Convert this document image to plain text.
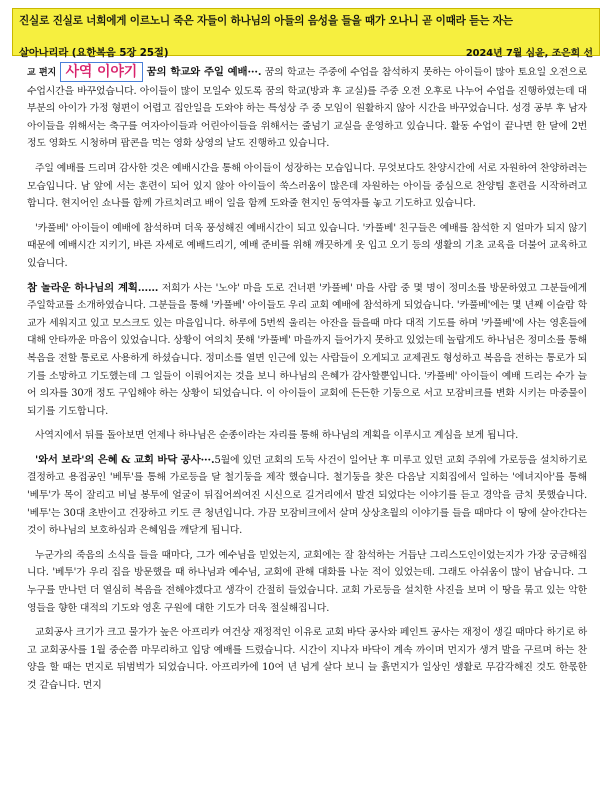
진실로 진실로 너희에게 이르노니 죽은 자들이 하나님의 아들의 음성을 들을 때가 오나니 곧 이때라 듣는 자는
살아나리라 (요한복음 5장 25절)	2024년 7월 심윤, 조은희 선

교 편지 사역 이야기 꿈의 학교와 주일 예배···. 꿈의 학교는 주중에 수업을 참석하지 못하는 아이들이 많아 토요일 오전으로 수업시간을 바꾸었습니다. 아이들이 많이 모일수 있도록 꿈의 학교(방과 후 교실)를 주중 오전 오후로 나누어 수업을 진행하였는데 대부분의 아이가 가정 형편이 어렵고 집안일을 도와야 하는 특성상 주 중 모임이 원활하지 않아 시간을 바꾸었습니다. 성경 공부 후 남자아이들을 위해서는 축구를 여자아이들과 어린아이들을 위해서는 줄넘기 교실을 운영하고 있습니다. 활동 수업이 끝나면 한 달에 2번 정도 영화도 시청하며 팝콘을 먹는 영화 상영의 날도 진행하고 있습니다.

주일 예배를 드리며 감사한 것은 예배시간을 통해 아이들이 성장하는 모습입니다. 무엇보다도 찬양시간에 서로 자원하여 찬양하려는 모습입니다. 남 앞에 서는 훈련이 되어 있지 않아 아이들이 쑥스러움이 많은데 자원하는 아이들 중심으로 찬양팀 훈련을 시작하려고 합니다. 현지어인 쇼나를 함께 가르치려고 배이 일을 함께 도와줄 현지인 동역자를 놓고 기도하고 있습니다.

'카풀베' 아이들이 예배에 참석하며 더욱 풍성해진 예배시간이 되고 있습니다. '카풀베' 친구들은 예배를 참석한 지 얼마가 되지 않기 때문에 예배시간 지키기, 바른 자세로 예배드리기, 예배 준비를 위해 깨끗하게 옷 입고 오기 등의 생활의 기초 교육을 더불어 교육하고 있습니다.

참 놀라운 하나님의 계획…… 저희가 사는 '노야' 마을 도로 건너편 '카풀베' 마을 사람 중 몇 명이 정미소를 방문하였고 그분들에게 주일학교를 소개하였습니다. 그분들을 통해 '카풀베' 아이들도 우리 교회 예배에 참석하게 되었습니다. '카풀베'에는 몇 년째 이슬람 학교가 세워지고 있고 모스크도 있는 마을입니다. 하루에 5번씩 울리는 아잔을 들을때 마다 대적 기도를 하며 '카풀베'에 사는 영혼들에 대해 안타까운 마음이 있었습니다. 상황이 여의치 못해 '카풀베' 마을까지 들어가지 못하고 있었는데 놀랍게도 하나님은 정미소를 통해 복음을 전할 통로로 사용하게 하셨습니다. 정미소를 열면 인근에 있는 사람들이 오게되고 교제권도 형성하고 복음을 전하는 통로가 되기를 소망하고 기도했는데 그 일들이 이뤄어지는 것을 보니 하나님의 은혜가 감사할뿐입니다. '카풀베' 아이들이 예배 드리는 수가 늘어 의자를 30개 정도 구입해야 하는 상황이 되었습니다. 이 아이들이 교회에 든든한 기둥으로 서고 모잠비크를 변화 시키는 마중물이 되기를 기도합니다.

사역지에서 뒤를 돌아보면 언제나 하나님은 순종이라는 자리를 통해 하나님의 계획을 이루시고 계심을 보게 됩니다.

'와서 보라'의 은혜 & 교회 바닥 공사···.5월에 있던 교회의 도둑 사건이 일어난 후 미루고 있던 교회 주위에 가로등을 설치하기로 결정하고 용접공인 '베투'를 통해 가로등을 달 철기둥을 제작 했습니다. 철기둥을 찾은 다음날 지회집에서 일하는 '에녀지아'를 통해 '베투'가 목이 잘리고 비닐 봉투에 얼굴이 뒤집어씌여진 시신으로 길거리에서 발견 되었다는 이야기를 듣고 경악을 금치 못했습니다. '베투'는 30대 초반이고 건장하고 키도 큰 청년입니다. 가끔 모잠비크에서 살며 상상초월의 이야기를 들을 때마다 이 땅에 살아간다는 것이 하나님의 보호하심과 은혜임을 깨닫게 됩니다.

누군가의 죽음의 소식을 들을 때마다, 그가 예수님을 믿었는지, 교회에는 잘 참석하는 거듭난 그리스도인이었는지가 가장 궁금해집니다. '베투'가 우리 집을 방문했을 때 하나님과 예수님, 교회에 관해 대화를 나눈 적이 있었는데. 그래도 아쉬움이 많이 남습니다. 그 누구를 만나던 더 열심히 복음을 전해야겠다고 생각이 간절히 들었습니다. 교회 가로등을 설치한 사진을 보며 이 땅을 묶고 있는 악한 영들을 향한 대적의 기도와 영혼 구원에 대한 기도가 더욱 절실해집니다.

교회공사 크기가 크고 물가가 높은 아프리카 여건상 재정적인 이유로 교회 바닥 공사와 페인트 공사는 재정이 생길 때마다 하기로 하고 교회공사를 1월 중순쯤 마무리하고 입당 예배를 드렸습니다. 시간이 지나자 바닥이 계속 까이며 먼지가 생겨 발을 구르며 하는 찬양을 할 때는 먼지로 뒤범벅가 되었습니다. 아프리카에 10여 년 넘게 살다 보니 늘 흙먼지가 일상인 생활로 무감각해진 것도 한몫한 것 같습니다. 먼지
